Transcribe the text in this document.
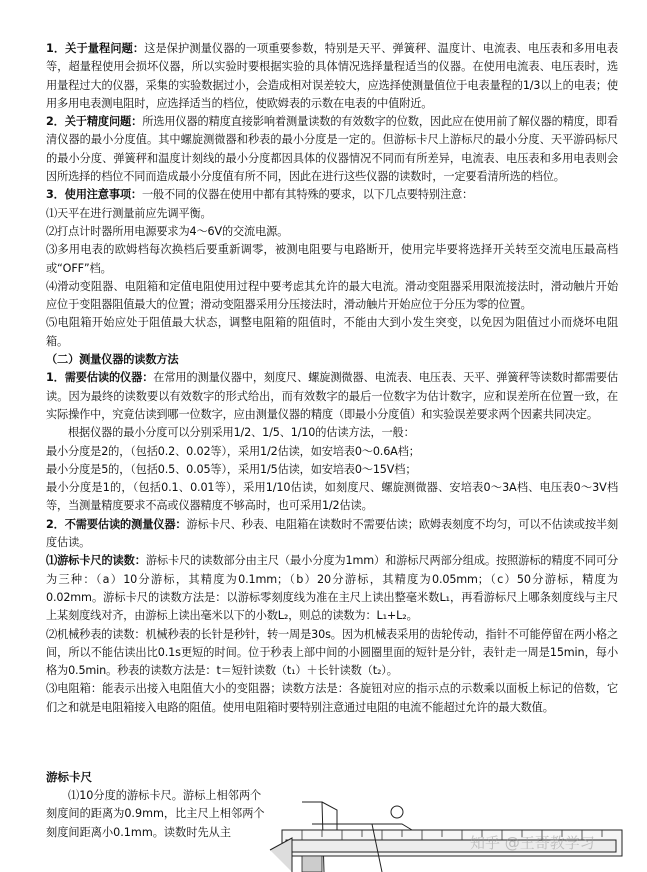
1．关于量程问题：这是保护测量仪器的一项重要参数，特别是天平、弹簧秤、温度计、电流表、电压表和多用电表等，超量程使用会损坏仪器，所以实验时要根据实验的具体情况选择量程适当的仪器。在使用电流表、电压表时，选用量程过大的仪器，采集的实验数据过小，会造成相对误差较大，应选择使测量值位于电表量程的1/3以上的电表；使用多用电表测电阻时，应选择适当的档位，使欧姆表的示数在电表的中值附近。

2．关于精度问题：所选用仪器的精度直接影响着测量读数的有效数字的位数，因此应在使用前了解仪器的精度，即看清仪器的最小分度值。其中螺旋测微器和秒表的最小分度是一定的。但游标卡尺上游标尺的最小分度、天平游码标尺的最小分度、弹簧秤和温度计刻线的最小分度都因具体的仪器情况不同而有所差异，电流表、电压表和多用电表则会因所选择的档位不同而造成最小分度值有所不同，因此在进行这些仪器的读数时，一定要看清所选的档位。

3．使用注意事项：一般不同的仪器在使用中都有其特殊的要求，以下几点要特别注意：

⑴天平在进行测量前应先调平衡。

⑵打点计时器所用电源要求为4～6V的交流电源。

⑶多用电表的欧姆档每次换档后要重新调零，被测电阻要与电路断开，使用完毕要将选择开关转至交流电压最高档或“OFF”档。

⑷滑动变阻器、电阻箱和定值电阻使用过程中要考虑其允许的最大电流。滑动变阻器采用限流接法时，滑动触片开始应位于变阻器阻值最大的位置；滑动变阻器采用分压接法时，滑动触片开始应位于分压为零的位置。

⑸电阻箱开始应处于阻值最大状态，调整电阻箱的阻值时，不能由大到小发生突变，以免因为阻值过小而烧坏电阻箱。

（二）测量仪器的读数方法

1．需要估读的仪器：在常用的测量仪器中，刻度尺、螺旋测微器、电流表、电压表、天平、弹簧秤等读数时都需要估读。因为最终的读数要以有效数字的形式给出，而有效数字的最后一位数字为估计数字，应和误差所在位置一致，在实际操作中，究竟估读到哪一位数字，应由测量仪器的精度（即最小分度值）和实验误差要求两个因素共同决定。

根据仪器的最小分度可以分别采用1/2、1/5、1/10的估读方法，一般：

最小分度是2的，（包括0.2、0.02等），采用1/2估读，如安培表0～0.6A档；

最小分度是5的，（包括0.5、0.05等），采用1/5估读，如安培表0～15V档；

最小分度是1的，（包括0.1、0.01等），采用1/10估读，如刻度尺、螺旋测微器、安培表0～3A档、电压表0～3V档等，当测量精度要求不高或仪器精度不够高时，也可采用1/2估读。

2．不需要估读的测量仪器：游标卡尺、秒表、电阻箱在读数时不需要估读；欧姆表刻度不均匀，可以不估读或按半刻度估读。

⑴游标卡尺的读数：游标卡尺的读数部分由主尺（最小分度为1mm）和游标尺两部分组成。按照游标的精度不同可分为三种：（a）10分游标，其精度为0.1mm；（b）20分游标，其精度为0.05mm；（c）50分游标，精度为0.02mm。游标卡尺的读数方法是：以游标零刻度线为准在主尺上读出整毫米数L₁，再看游标尺上哪条刻度线与主尺上某刻度线对齐，由游标上读出毫米以下的小数L₂，则总的读数为：L₁+L₂。

⑵机械秒表的读数：机械秒表的长针是秒针，转一周是30s。因为机械表采用的齿轮传动，指针不可能停留在两小格之间，所以不能估读出比0.1s更短的时间。位于秒表上部中间的小圆圈里面的短针是分针，表针走一周是15min，每小格为0.5min。秒表的读数方法是：t＝短针读数（t₁）＋长针读数（t₂）。

⑶电阻箱：能表示出接入电阻值大小的变阻器；读数方法是：各旋钮对应的指示点的示数乘以面板上标记的倍数，它们之和就是电阻箱接入电路的阻值。使用电阻箱时要特别注意通过电阻的电流不能超过允许的最大数值。

游标卡尺

⑴10分度的游标卡尺。游标上相邻两个刻度间的距离为0.9mm，比主尺上相邻两个刻度间距离小0.1mm。读数时先从主

知乎 @王哥教学习
